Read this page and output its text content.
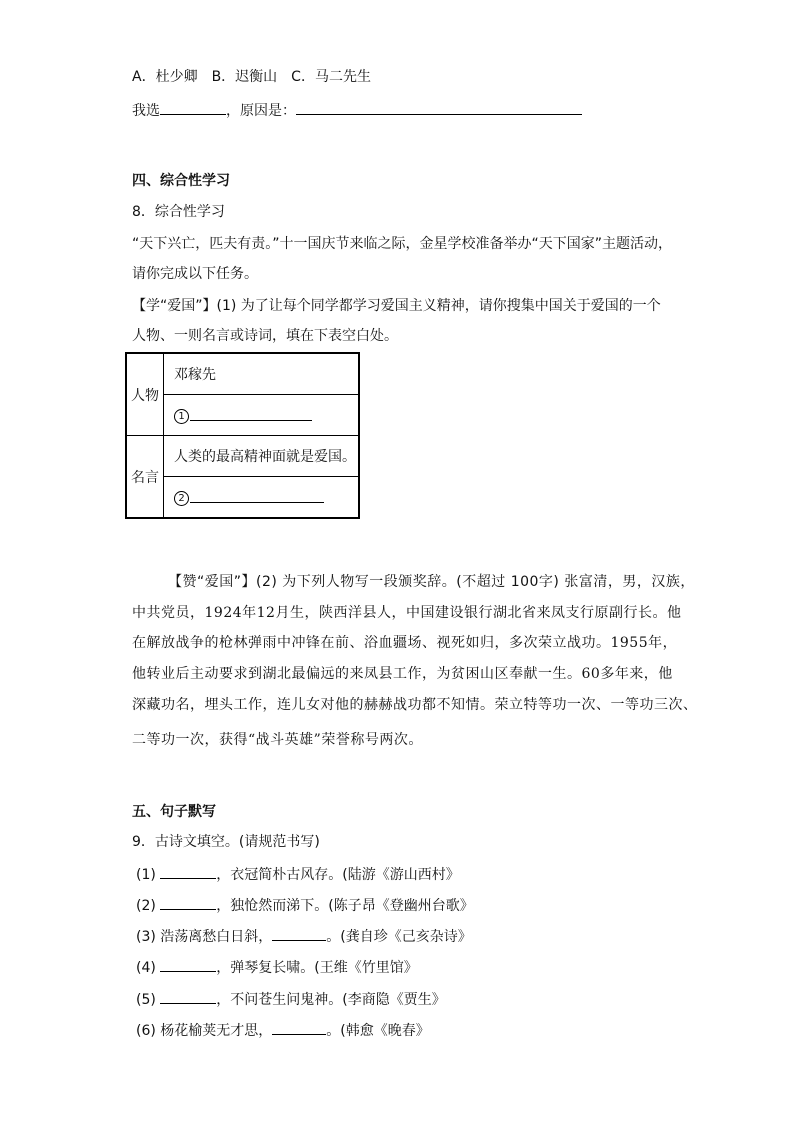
A．杜少卿　B．迟衡山　C．马二先生
我选	，原因是：
四、综合性学习
8．综合性学习
“天下兴亡，匹夫有责。”十一国庆节来临之际，金星学校准备举办“天下国家”主题活动，
请你完成以下任务。
【学“爱国”】(1) 为了让每个同学都学习爱国主义精神，请你搜集中国关于爱国的一个
人物、一则名言或诗词，填在下表空白处。
人物	邓稼先
	1
名言	人类的最高精神面就是爱国。
	2
【赞“爱国”】(2) 为下列人物写一段颁奖辞。(不超过 100字) 张富清，男，汉族，
中共党员，1924年12月生，陕西洋县人，中国建设银行湖北省来凤支行原副行长。他
在解放战争的枪林弹雨中冲锋在前、浴血疆场、视死如归，多次荣立战功。1955年，
他转业后主动要求到湖北最偏远的来凤县工作，为贫困山区奉献一生。60多年来，他
深藏功名，埋头工作，连儿女对他的赫赫战功都不知情。荣立特等功一次、一等功三次、
二等功一次，获得“战斗英雄”荣誉称号两次。
五、句子默写
9．古诗文填空。(请规范书写)
(1)	，衣冠简朴古风存。(陆游《游山西村》
(2)	，独怆然而涕下。(陈子昂《登幽州台歌》
(3) 浩荡离愁白日斜，	。(龚自珍《己亥杂诗》
(4)	，弹琴复长啸。(王维《竹里馆》
(5)	，不问苍生问鬼神。(李商隐《贾生》
(6) 杨花榆荚无才思，	。(韩愈《晚春》
